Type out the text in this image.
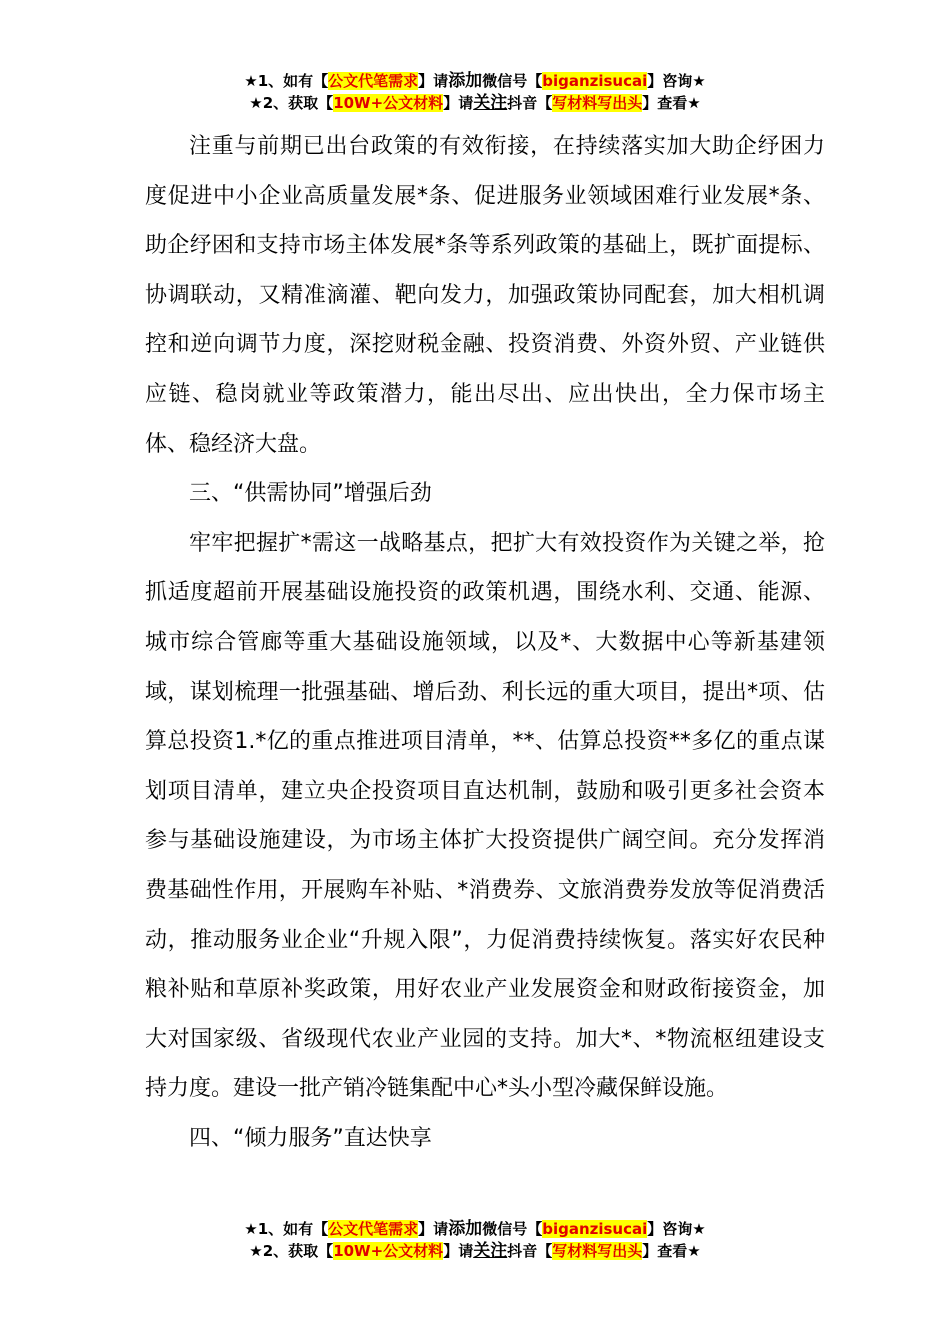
★1、如有【公文代笔需求】请添加微信号【biganzisucai】咨询★
★2、获取【10W+公文材料】请关注抖音【写材料写出头】查看★

注重与前期已出台政策的有效衔接，在持续落实加大助企纾困力度促进中小企业高质量发展*条、促进服务业领域困难行业发展*条、助企纾困和支持市场主体发展*条等系列政策的基础上，既扩面提标、协调联动，又精准滴灌、靶向发力，加强政策协同配套，加大相机调控和逆向调节力度，深挖财税金融、投资消费、外资外贸、产业链供应链、稳岗就业等政策潜力，能出尽出、应出快出，全力保市场主体、稳经济大盘。

三、“供需协同”增强后劲

牢牢把握扩*需这一战略基点，把扩大有效投资作为关键之举，抢抓适度超前开展基础设施投资的政策机遇，围绕水利、交通、能源、城市综合管廊等重大基础设施领域，以及*、大数据中心等新基建领域，谋划梳理一批强基础、增后劲、利长远的重大项目，提出*项、估算总投资1.*亿的重点推进项目清单，**、估算总投资**多亿的重点谋划项目清单，建立央企投资项目直达机制，鼓励和吸引更多社会资本参与基础设施建设，为市场主体扩大投资提供广阔空间。充分发挥消费基础性作用，开展购车补贴、*消费券、文旅消费券发放等促消费活动，推动服务业企业“升规入限”，力促消费持续恢复。落实好农民种粮补贴和草原补奖政策，用好农业产业发展资金和财政衔接资金，加大对国家级、省级现代农业产业园的支持。加大*、*物流枢纽建设支持力度。建设一批产销冷链集配中心*头小型冷藏保鲜设施。

四、“倾力服务”直达快享

★1、如有【公文代笔需求】请添加微信号【biganzisucai】咨询★
★2、获取【10W+公文材料】请关注抖音【写材料写出头】查看★
